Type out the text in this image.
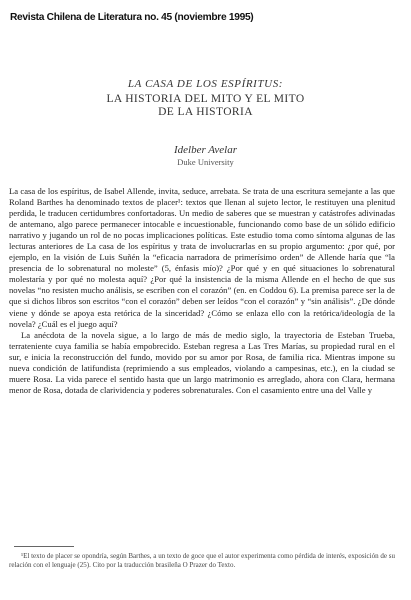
Revista Chilena de Literatura no. 45 (noviembre 1995)
LA CASA DE LOS ESPÍRITUS:
LA HISTORIA DEL MITO Y EL MITO
DE LA HISTORIA
Idelber Avelar
Duke University

La casa de los espíritus, de Isabel Allende, invita, seduce, arrebata. Se trata de una escritura semejante a las que Roland Barthes ha denominado textos de placer¹: textos que llenan al sujeto lector, le restituyen una plenitud perdida, le traducen certidumbres confortadoras. Un medio de saberes que se muestran y catástrofes adivinadas de antemano, algo parece permanecer intocable e incuestionable, funcionando como base de un sólido edificio narrativo y jugando un rol de no pocas implicaciones políticas. Este estudio toma como síntoma algunas de las lecturas anteriores de La casa de los espíritus y trata de involucrarlas en su propio argumento: ¿por qué, por ejemplo, en la visión de Luis Suñén la “eficacia narradora de primerísimo orden” de Allende haría que “la presencia de lo sobrenatural no moleste” (5, énfasis mío)? ¿Por qué y en qué situaciones lo sobrenatural molestaría y por qué no molesta aquí? ¿Por qué la insistencia de la misma Allende en el hecho de que sus novelas “no resisten mucho análisis, se escriben con el corazón” (en. en Coddou 6). La premisa parece ser la de que si dichos libros son escritos “con el corazón” deben ser leídos “con el corazón” y “sin análisis”. ¿De dónde viene y dónde se apoya esta retórica de la sinceridad? ¿Cómo se enlaza ello con la retórica/ideología de la novela? ¿Cuál es el juego aquí?

La anécdota de la novela sigue, a lo largo de más de medio siglo, la trayectoria de Esteban Trueba, terrateniente cuya familia se había empobrecido. Esteban regresa a Las Tres Marías, su propiedad rural en el sur, e inicia la reconstrucción del fundo, movido por su amor por Rosa, de familia rica. Mientras impone su nueva condición de latifundista (reprimiendo a sus empleados, violando a campesinas, etc.), en la ciudad se muere Rosa. La vida parece el sentido hasta que un largo matrimonio es arreglado, ahora con Clara, hermana menor de Rosa, dotada de clarividencia y poderes sobrenaturales. Con el casamiento entre una del Valle y

¹El texto de placer se opondría, según Barthes, a un texto de goce que el autor experimenta como pérdida de interés, exposición de su relación con el lenguaje (25). Cito por la traducción brasileña O Prazer do Texto.
